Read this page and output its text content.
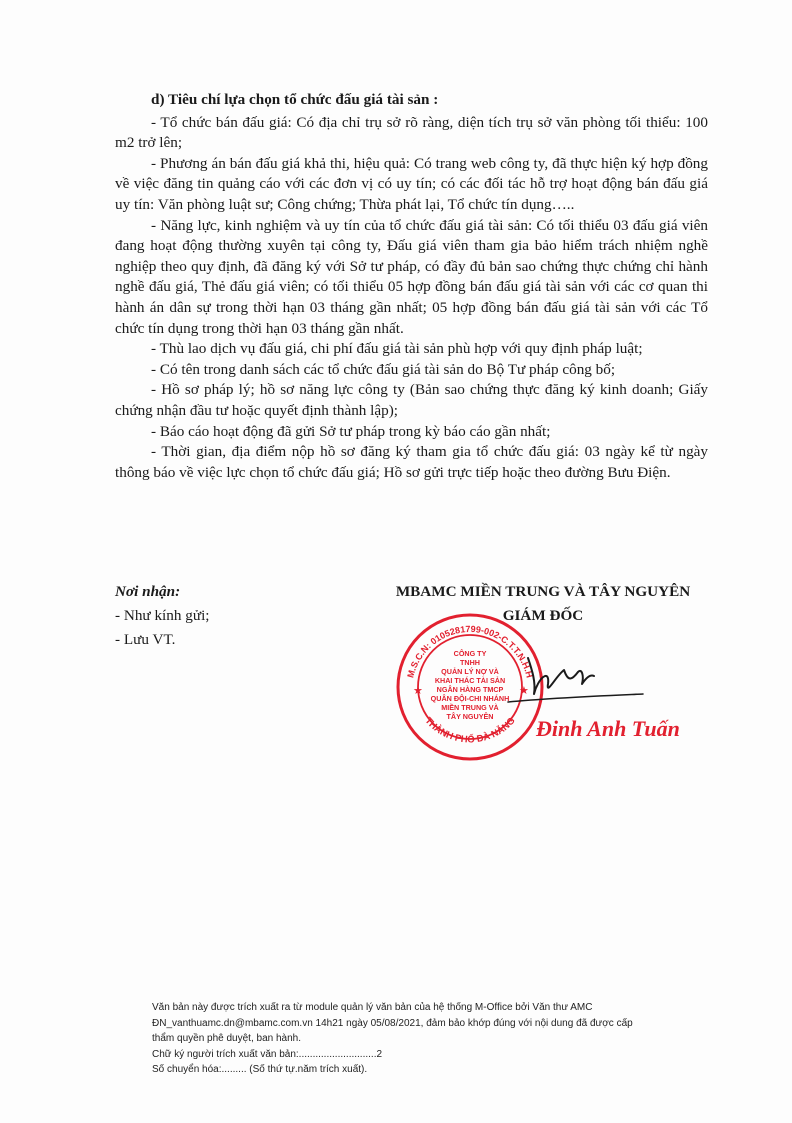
d) Tiêu chí lựa chọn tổ chức đấu giá tài sản :

- Tổ chức bán đấu giá: Có địa chỉ trụ sở rõ ràng, diện tích trụ sở văn phòng tối thiểu: 100 m2 trở lên;

- Phương án bán đấu giá khả thi, hiệu quả: Có trang web công ty, đã thực hiện ký hợp đồng về việc đăng tin quảng cáo với các đơn vị có uy tín; có các đối tác hỗ trợ hoạt động bán đấu giá uy tín: Văn phòng luật sư; Công chứng; Thừa phát lại, Tổ chức tín dụng…..

- Năng lực, kinh nghiệm và uy tín của tổ chức đấu giá tài sản: Có tối thiểu 03 đấu giá viên đang hoạt động thường xuyên tại công ty, Đấu giá viên tham gia bảo hiểm trách nhiệm nghề nghiệp theo quy định, đã đăng ký với Sở tư pháp, có đầy đủ bản sao chứng thực chứng chỉ hành nghề đấu giá, Thẻ đấu giá viên; có tối thiểu 05 hợp đồng bán đấu giá tài sản với các cơ quan thi hành án dân sự trong thời hạn 03 tháng gần nhất; 05 hợp đồng bán đấu giá tài sản với các Tổ chức tín dụng trong thời hạn 03 tháng gần nhất.

- Thù lao dịch vụ đấu giá, chi phí đấu giá tài sản phù hợp với quy định pháp luật;

- Có tên trong danh sách các tổ chức đấu giá tài sản do Bộ Tư pháp công bố;

- Hồ sơ pháp lý; hồ sơ năng lực công ty (Bản sao chứng thực đăng ký kinh doanh; Giấy chứng nhận đầu tư hoặc quyết định thành lập);

- Báo cáo hoạt động đã gửi Sở tư pháp trong kỳ báo cáo gần nhất;

- Thời gian, địa điểm nộp hồ sơ đăng ký tham gia tổ chức đấu giá: 03 ngày kể từ ngày thông báo về việc lực chọn tổ chức đấu giá; Hồ sơ gửi trực tiếp hoặc theo đường Bưu Điện.

Nơi nhận:
- Như kính gửi;
- Lưu VT.
MBAMC MIỀN TRUNG VÀ TÂY NGUYÊN
GIÁM ĐỐC
M.S.C.N: 0105281799-002-C.T.T.N.H.H
THÀNH PHỐ ĐÀ NẴNG
★	★
CÔNG TY
TNHH
QUẢN LÝ NỢ VÀ
KHAI THÁC TÀI SẢN
NGÂN HÀNG TMCP
QUÂN ĐỘI-CHI NHÁNH
MIỀN TRUNG VÀ
TÂY NGUYÊN Đinh Anh Tuấn

Văn bản này được trích xuất ra từ module quản lý văn bản của hệ thống M-Office bởi Văn thư AMC

ĐN_vanthuamc.dn@mbamc.com.vn 14h21 ngày 05/08/2021, đảm bảo khớp đúng với nội dung đã được cấp

thẩm quyền phê duyệt, ban hành.

Chữ ký người trích xuất văn bản:............................2

Số chuyển hóa:......... (Số thứ tự.năm trích xuất).
